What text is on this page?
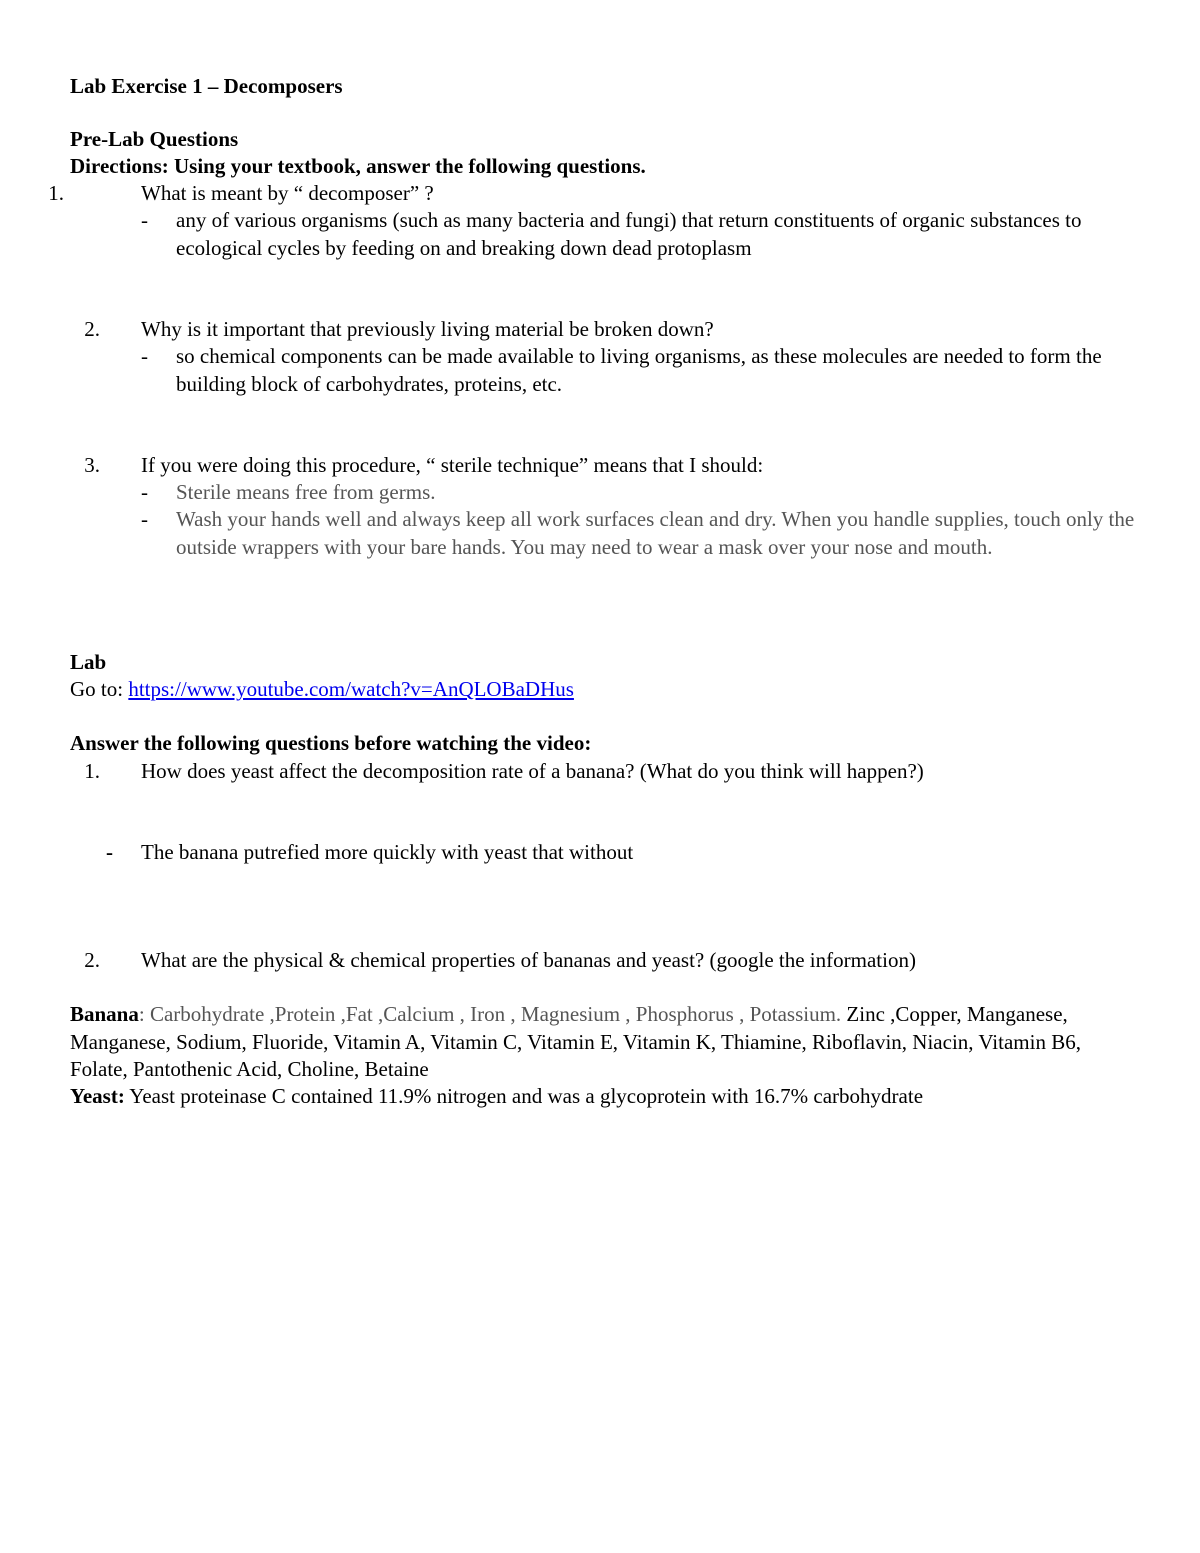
Lab Exercise 1 – Decomposers
Pre-Lab Questions
Directions: Using your textbook, answer the following questions.
1.	What is meant by “ decomposer” ?
- any of various organisms (such as many bacteria and fungi) that return constituents of organic substances to ecological cycles by feeding on and breaking down dead protoplasm
2. Why is it important that previously living material be broken down?
- so chemical components can be made available to living organisms, as these molecules are needed to form the building block of carbohydrates, proteins, etc.
3. If you were doing this procedure, “ sterile technique” means that I should:
- Sterile means free from germs.
- Wash your hands well and always keep all work surfaces clean and dry. When you handle supplies, touch only the outside wrappers with your bare hands. You may need to wear a mask over your nose and mouth.
Lab
Go to: https://www.youtube.com/watch?v=AnQLOBaDHus
Answer the following questions before watching the video:
1. How does yeast affect the decomposition rate of a banana? (What do you think will happen?)
- The banana putrefied more quickly with yeast that without
2. What are the physical & chemical properties of bananas and yeast? (google the information)
Banana: Carbohydrate ,Protein ,Fat ,Calcium , Iron , Magnesium , Phosphorus , Potassium. Zinc ,Copper, Manganese, Manganese, Sodium, Fluoride, Vitamin A, Vitamin C, Vitamin E, Vitamin K, Thiamine, Riboflavin, Niacin, Vitamin B6, Folate, Pantothenic Acid, Choline, Betaine
Yeast: Yeast proteinase C contained 11.9% nitrogen and was a glycoprotein with 16.7% carbohydrate
